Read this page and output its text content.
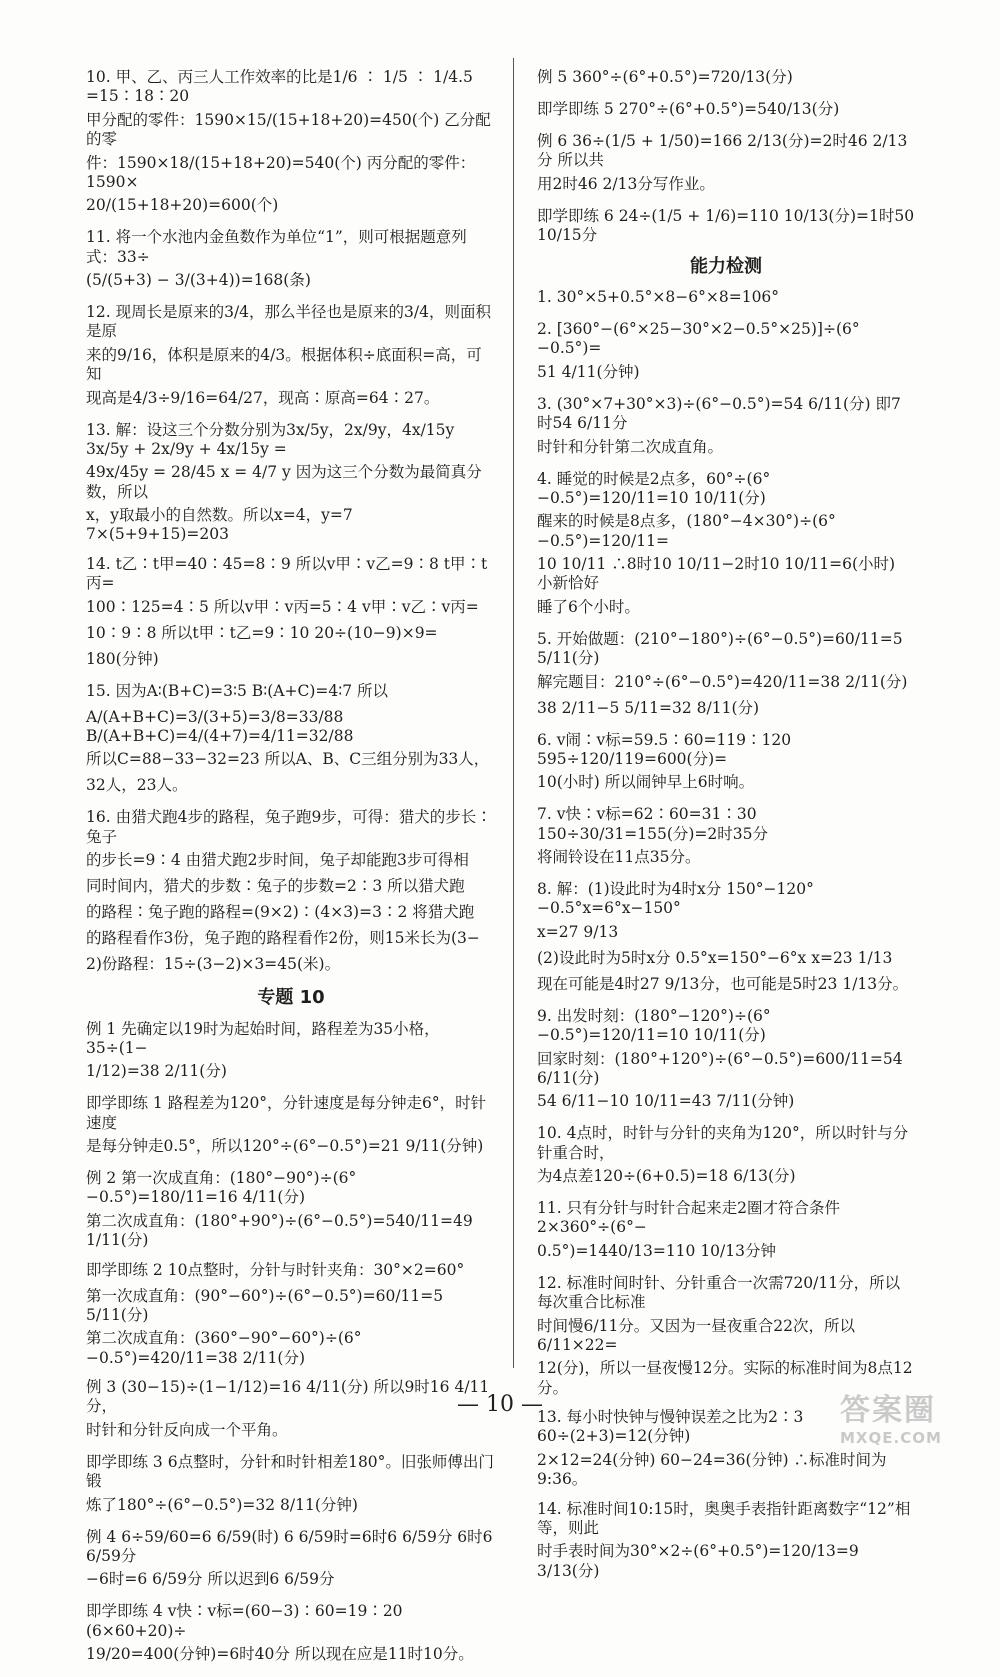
10. 甲、乙、丙三人工作效率的比是1/6 ∶ 1/5 ∶ 1/4.5 =15∶18∶20
甲分配的零件：1590×15/(15+18+20)=450(个) 乙分配的零
件：1590×18/(15+18+20)=540(个) 丙分配的零件：1590×
20/(15+18+20)=600(个)
11. 将一个水池内金鱼数作为单位“1”，则可根据题意列式：33÷
(5/(5+3) − 3/(3+4))=168(条)
12. 现周长是原来的3/4，那么半径也是原来的3/4，则面积是原
来的9/16，体积是原来的4/3。根据体积÷底面积=高，可知
现高是4/3÷9/16=64/27，现高∶原高=64∶27。
13. 解：设这三个分数分别为3x/5y，2x/9y，4x/15y 3x/5y + 2x/9y + 4x/15y =
49x/45y = 28/45 x = 4/7 y 因为这三个分数为最简真分数，所以
x，y取最小的自然数。所以x=4，y=7 7×(5+9+15)=203
14. t乙∶t甲=40∶45=8∶9 所以v甲∶v乙=9∶8 t甲∶t丙=
100∶125=4∶5 所以v甲∶v丙=5∶4 v甲∶v乙∶v丙=
10∶9∶8 所以t甲∶t乙=9∶10 20÷(10−9)×9=
180(分钟)
15. 因为A∶(B+C)=3∶5 B∶(A+C)=4∶7 所以
A/(A+B+C)=3/(3+5)=3/8=33/88 B/(A+B+C)=4/(4+7)=4/11=32/88
所以C=88−33−32=23 所以A、B、C三组分别为33人，
32人，23人。
16. 由猎犬跑4步的路程，兔子跑9步，可得：猎犬的步长∶兔子
的步长=9∶4 由猎犬跑2步时间，兔子却能跑3步可得相
同时间内，猎犬的步数∶兔子的步数=2∶3 所以猎犬跑
的路程∶兔子跑的路程=(9×2)∶(4×3)=3∶2 将猎犬跑
的路程看作3份，兔子跑的路程看作2份，则15米长为(3−
2)份路程：15÷(3−2)×3=45(米)。
专题 10
例 1 先确定以19时为起始时间，路程差为35小格，35÷(1−
1/12)=38 2/11(分)
即学即练 1 路程差为120°，分针速度是每分钟走6°，时针速度
是每分钟走0.5°，所以120°÷(6°−0.5°)=21 9/11(分钟)
例 2 第一次成直角：(180°−90°)÷(6°−0.5°)=180/11=16 4/11(分)
第二次成直角：(180°+90°)÷(6°−0.5°)=540/11=49 1/11(分)
即学即练 2 10点整时，分针与时针夹角：30°×2=60°
第一次成直角：(90°−60°)÷(6°−0.5°)=60/11=5 5/11(分)
第二次成直角：(360°−90°−60°)÷(6°−0.5°)=420/11=38 2/11(分)
例 3 (30−15)÷(1−1/12)=16 4/11(分) 所以9时16 4/11分，
时针和分针反向成一个平角。
即学即练 3 6点整时，分针和时针相差180°。旧张师傅出门锻
炼了180°÷(6°−0.5°)=32 8/11(分钟)
例 4 6÷59/60=6 6/59(时) 6 6/59时=6时6 6/59分 6时6 6/59分
−6时=6 6/59分 所以迟到6 6/59分
即学即练 4 v快∶v标=(60−3)∶60=19∶20 (6×60+20)÷
19/20=400(分钟)=6时40分 所以现在应是11时10分。
例 5 360°÷(6°+0.5°)=720/13(分)
即学即练 5 270°÷(6°+0.5°)=540/13(分)
例 6 36÷(1/5 + 1/50)=166 2/13(分)=2时46 2/13分 所以共
用2时46 2/13分写作业。
即学即练 6 24÷(1/5 + 1/6)=110 10/13(分)=1时50 10/15分
能力检测
1. 30°×5+0.5°×8−6°×8=106°
2. [360°−(6°×25−30°×2−0.5°×25)]÷(6°−0.5°)=
51 4/11(分钟)
3. (30°×7+30°×3)÷(6°−0.5°)=54 6/11(分) 即7时54 6/11分
时针和分针第二次成直角。
4. 睡觉的时候是2点多，60°÷(6°−0.5°)=120/11=10 10/11(分)
醒来的时候是8点多，(180°−4×30°)÷(6°−0.5°)=120/11=
10 10/11 ∴8时10 10/11−2时10 10/11=6(小时) 小新恰好
睡了6个小时。
5. 开始做题：(210°−180°)÷(6°−0.5°)=60/11=5 5/11(分)
解完题目：210°÷(6°−0.5°)=420/11=38 2/11(分)
38 2/11−5 5/11=32 8/11(分)
6. v闹∶v标=59.5∶60=119∶120 595÷120/119=600(分)=
10(小时) 所以闹钟早上6时响。
7. v快∶v标=62∶60=31∶30 150÷30/31=155(分)=2时35分
将闹铃设在11点35分。
8. 解：(1)设此时为4时x分 150°−120°−0.5°x=6°x−150°
x=27 9/13
(2)设此时为5时x分 0.5°x=150°−6°x x=23 1/13
现在可能是4时27 9/13分，也可能是5时23 1/13分。
9. 出发时刻：(180°−120°)÷(6°−0.5°)=120/11=10 10/11(分)
回家时刻：(180°+120°)÷(6°−0.5°)=600/11=54 6/11(分)
54 6/11−10 10/11=43 7/11(分钟)
10. 4点时，时针与分针的夹角为120°，所以时针与分针重合时，
为4点差120÷(6+0.5)=18 6/13(分)
11. 只有分针与时针合起来走2圈才符合条件 2×360°÷(6°−
0.5°)=1440/13=110 10/13分钟
12. 标准时间时针、分针重合一次需720/11分，所以每次重合比标准
时间慢6/11分。又因为一昼夜重合22次，所以6/11×22=
12(分)，所以一昼夜慢12分。实际的标准时间为8点12分。
13. 每小时快钟与慢钟误差之比为2∶3 60÷(2+3)=12(分钟)
2×12=24(分钟) 60−24=36(分钟) ∴标准时间为9:36。
14. 标准时间10:15时，奥奥手表指针距离数字“12”相等，则此
时手表时间为30°×2÷(6°+0.5°)=120/13=9 3/13(分)
— 10 —	答案圈
MXQE.COM
